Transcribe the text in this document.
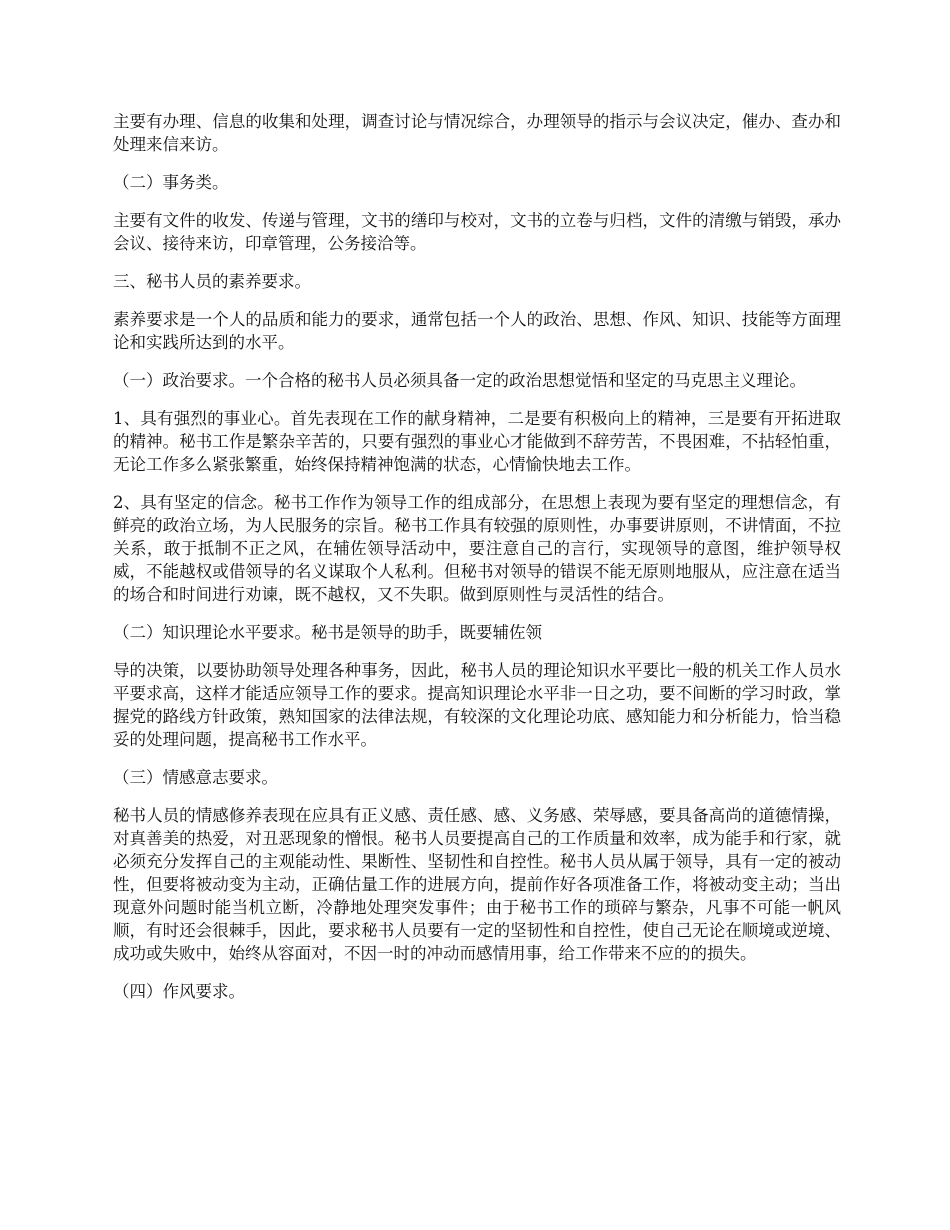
主要有办理、信息的收集和处理，调查讨论与情况综合，办理领导的指示与会议决定，催办、查办和处理来信来访。

（二）事务类。

主要有文件的收发、传递与管理，文书的缮印与校对，文书的立卷与归档，文件的清缴与销毁，承办会议、接待来访，印章管理，公务接洽等。

三、秘书人员的素养要求。

素养要求是一个人的品质和能力的要求，通常包括一个人的政治、思想、作风、知识、技能等方面理论和实践所达到的水平。

（一）政治要求。一个合格的秘书人员必须具备一定的政治思想觉悟和坚定的马克思主义理论。

1、具有强烈的事业心。首先表现在工作的献身精神，二是要有积极向上的精神，三是要有开拓进取的精神。秘书工作是繁杂辛苦的，只要有强烈的事业心才能做到不辞劳苦，不畏困难，不拈轻怕重，无论工作多么紧张繁重，始终保持精神饱满的状态，心情愉快地去工作。

2、具有坚定的信念。秘书工作作为领导工作的组成部分，在思想上表现为要有坚定的理想信念，有鲜亮的政治立场，为人民服务的宗旨。秘书工作具有较强的原则性，办事要讲原则，不讲情面，不拉关系，敢于抵制不正之风，在辅佐领导活动中，要注意自己的言行，实现领导的意图，维护领导权威，不能越权或借领导的名义谋取个人私利。但秘书对领导的错误不能无原则地服从，应注意在适当的场合和时间进行劝谏，既不越权，又不失职。做到原则性与灵活性的结合。

（二）知识理论水平要求。秘书是领导的助手，既要辅佐领

导的决策，以要协助领导处理各种事务，因此，秘书人员的理论知识水平要比一般的机关工作人员水平要求高，这样才能适应领导工作的要求。提高知识理论水平非一日之功，要不间断的学习时政，掌握党的路线方针政策，熟知国家的法律法规，有较深的文化理论功底、感知能力和分析能力，恰当稳妥的处理问题，提高秘书工作水平。

（三）情感意志要求。

秘书人员的情感修养表现在应具有正义感、责任感、感、义务感、荣辱感，要具备高尚的道德情操，对真善美的热爱，对丑恶现象的憎恨。秘书人员要提高自己的工作质量和效率，成为能手和行家，就必须充分发挥自己的主观能动性、果断性、坚韧性和自控性。秘书人员从属于领导，具有一定的被动性，但要将被动变为主动，正确估量工作的进展方向，提前作好各项准备工作，将被动变主动；当出现意外问题时能当机立断，冷静地处理突发事件；由于秘书工作的琐碎与繁杂，凡事不可能一帆风顺，有时还会很棘手，因此，要求秘书人员要有一定的坚韧性和自控性，使自己无论在顺境或逆境、成功或失败中，始终从容面对，不因一时的冲动而感情用事，给工作带来不应的的损失。

（四）作风要求。
